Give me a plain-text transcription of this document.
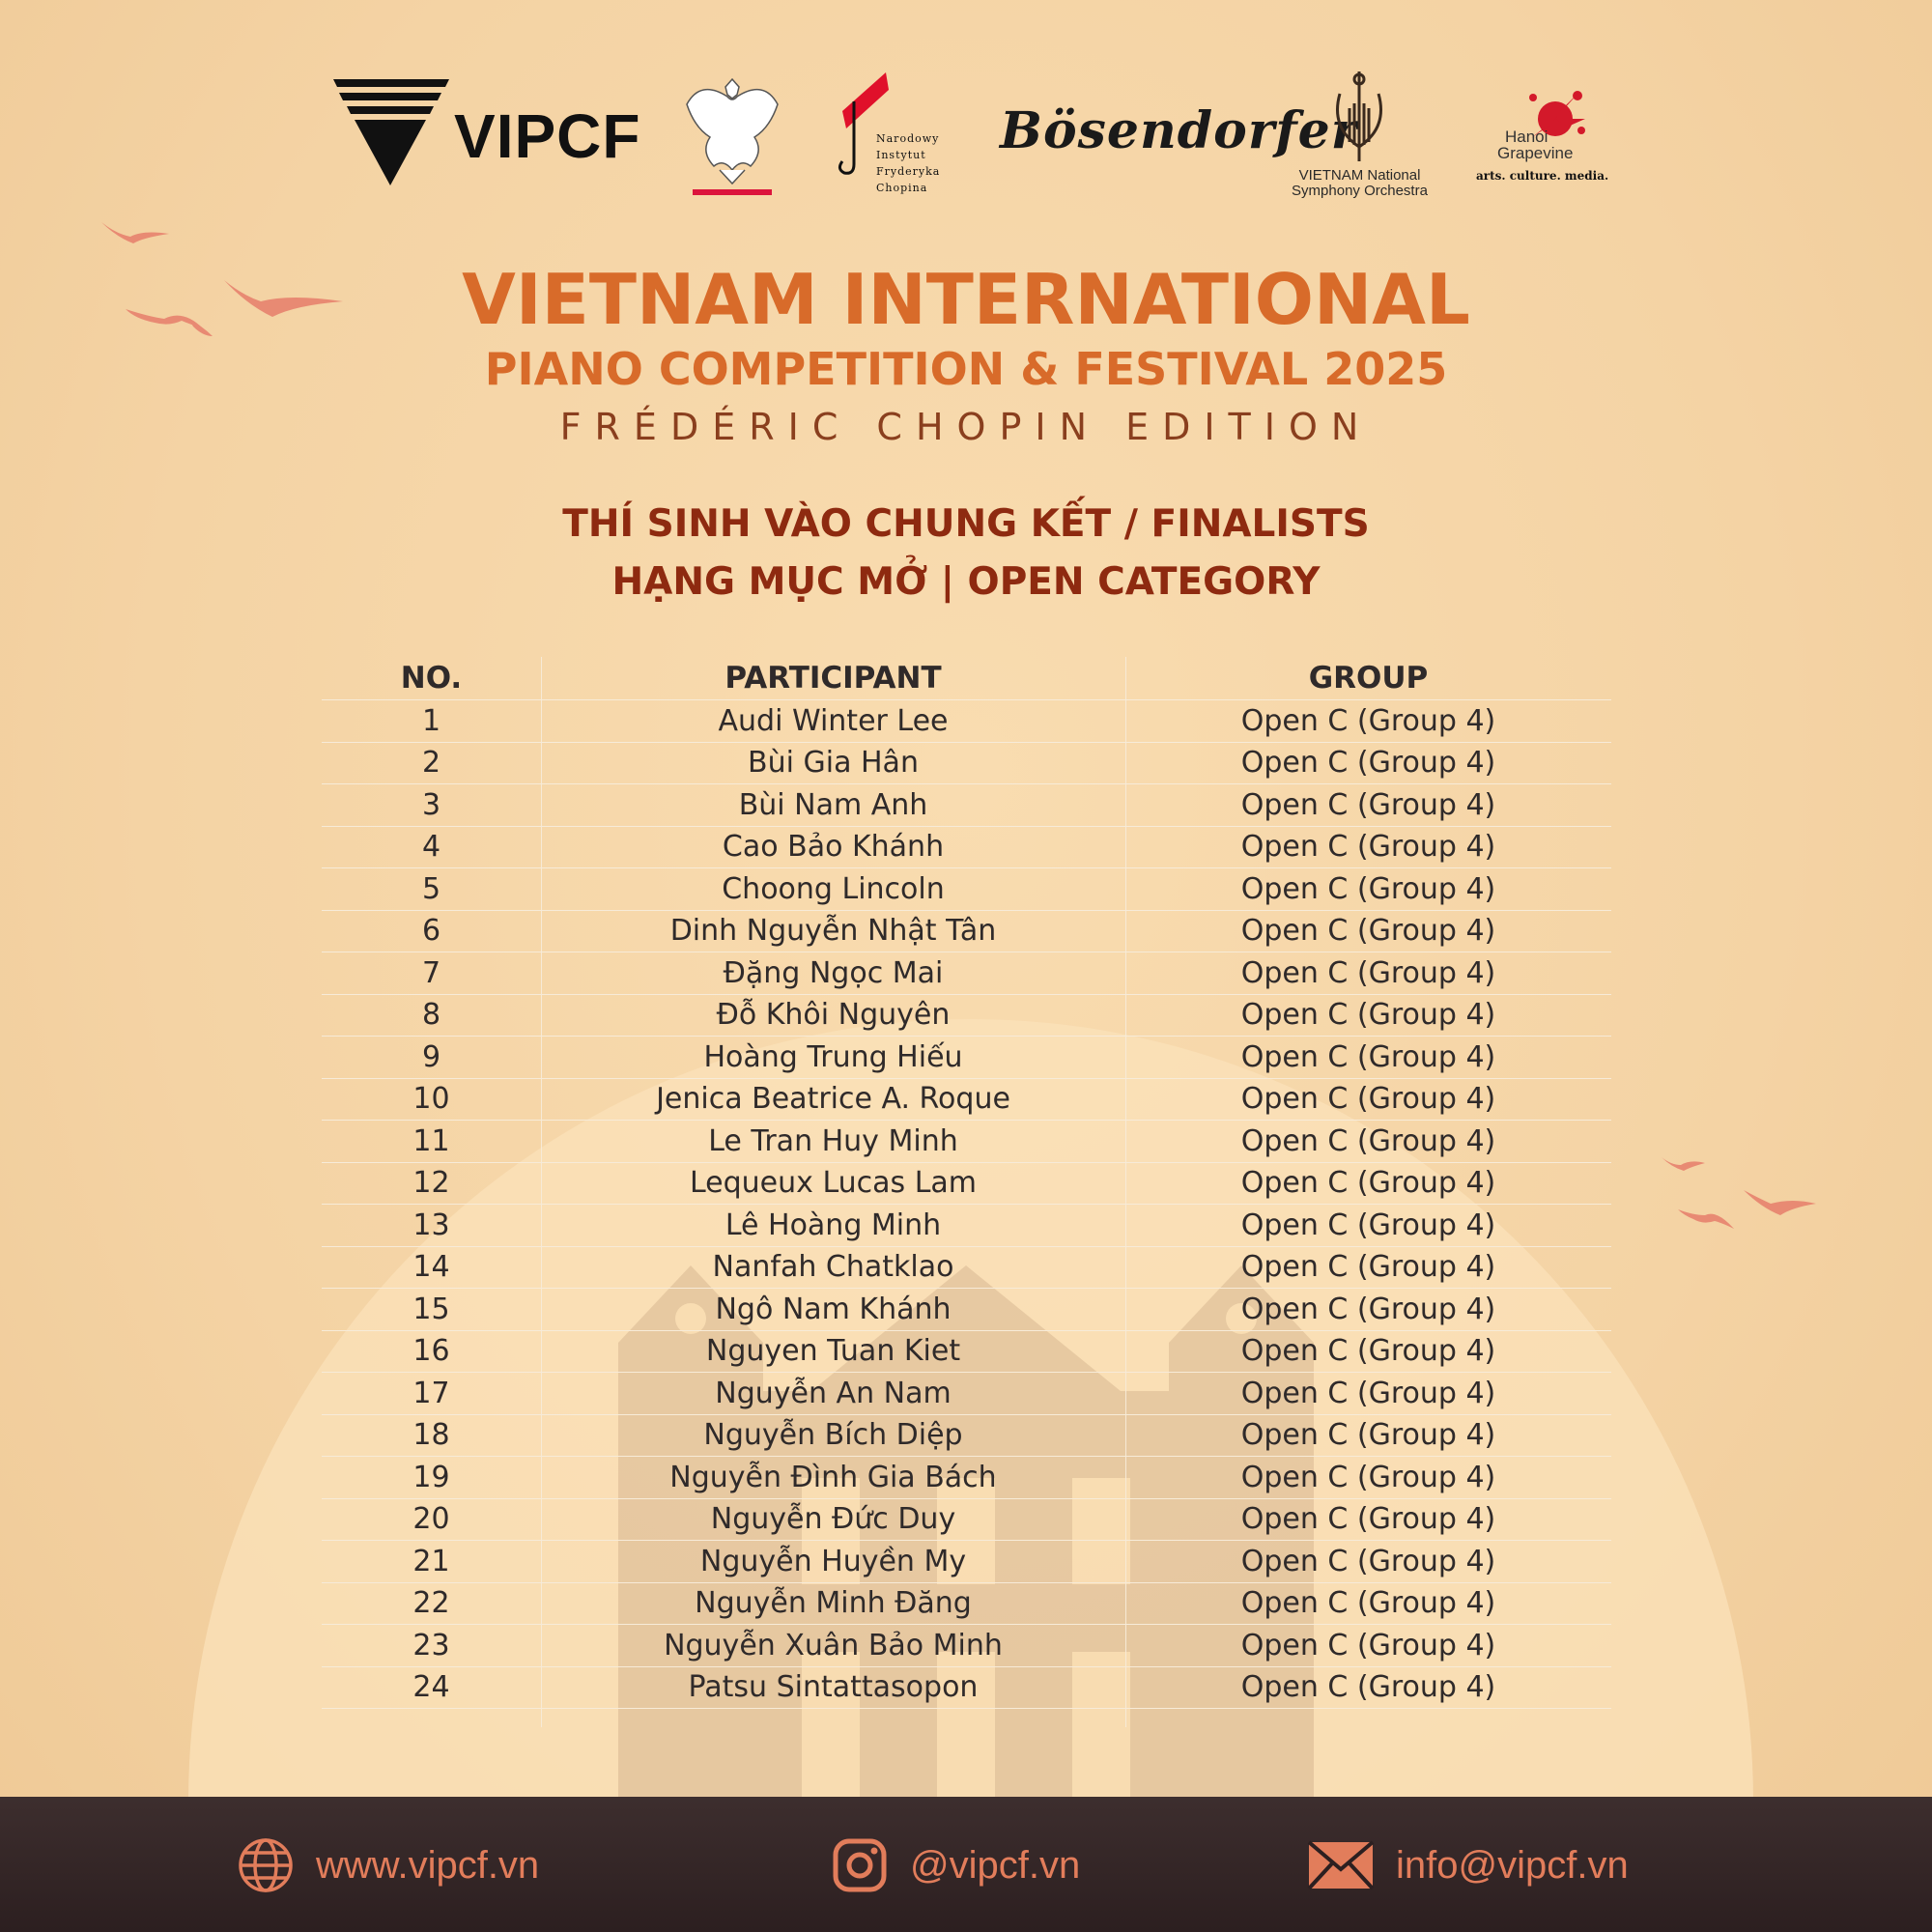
VIPCF	Narodowy
Instytut
Fryderyka
Chopina
Bösendorfer
VIETNAM National
Symphony Orchestra
Hanoi
Grapevine
arts. culture. media.
VIETNAM INTERNATIONAL
PIANO COMPETITION & FESTIVAL 2025
FRÉDÉRIC CHOPIN EDITION
THÍ SINH VÀO CHUNG KẾT / FINALISTS
HẠNG MỤC MỞ | OPEN CATEGORY
NO.	PARTICIPANT	GROUP
1	Audi Winter Lee	Open C (Group 4)
2	Bùi Gia Hân	Open C (Group 4)
3	Bùi Nam Anh	Open C (Group 4)
4	Cao Bảo Khánh	Open C (Group 4)
5	Choong Lincoln	Open C (Group 4)
6	Dinh Nguyễn Nhật Tân	Open C (Group 4)
7	Đặng Ngọc Mai	Open C (Group 4)
8	Đỗ Khôi Nguyên	Open C (Group 4)
9	Hoàng Trung Hiếu	Open C (Group 4)
10	Jenica Beatrice A. Roque	Open C (Group 4)
11	Le Tran Huy Minh	Open C (Group 4)
12	Lequeux Lucas Lam	Open C (Group 4)
13	Lê Hoàng Minh	Open C (Group 4)
14	Nanfah Chatklao	Open C (Group 4)
15	Ngô Nam Khánh	Open C (Group 4)
16	Nguyen Tuan Kiet	Open C (Group 4)
17	Nguyễn An Nam	Open C (Group 4)
18	Nguyễn Bích Diệp	Open C (Group 4)
19	Nguyễn Đình Gia Bách	Open C (Group 4)
20	Nguyễn Đức Duy	Open C (Group 4)
21	Nguyễn Huyền My	Open C (Group 4)
22	Nguyễn Minh Đăng	Open C (Group 4)
23	Nguyễn Xuân Bảo Minh	Open C (Group 4)
24	Patsu Sintattasopon	Open C (Group 4)
www.vipcf.vn	@vipcf.vn	info@vipcf.vn
